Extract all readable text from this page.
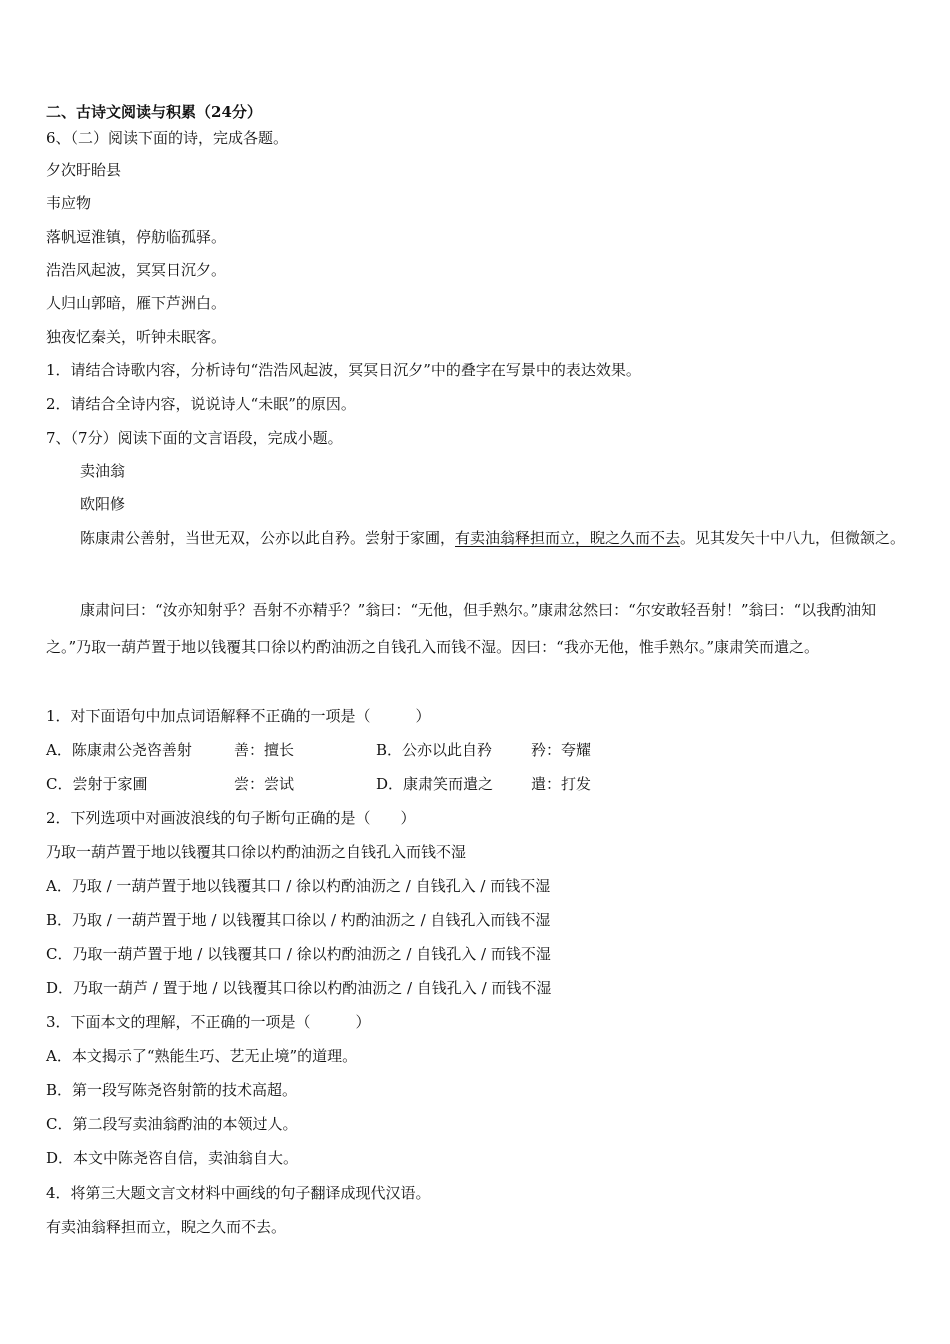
二、古诗文阅读与积累（24分）
6、（二）阅读下面的诗，完成各题。
夕次盱眙县
韦应物
落帆逗淮镇，停舫临孤驿。
浩浩风起波，冥冥日沉夕。
人归山郭暗，雁下芦洲白。
独夜忆秦关，听钟未眠客。
1．请结合诗歌内容，分析诗句“浩浩风起波，冥冥日沉夕”中的叠字在写景中的表达效果。
2．请结合全诗内容，说说诗人“未眠”的原因。
7、（7分）阅读下面的文言语段，完成小题。
卖油翁
欧阳修
陈康肃公善射，当世无双，公亦以此自矜。尝射于家圃，有卖油翁释担而立，睨之久而不去。见其发矢十中八九，但微颔之。
康肃问曰：“汝亦知射乎？吾射不亦精乎？”翁曰：“无他，但手熟尔。”康肃忿然曰：“尔安敢轻吾射！”翁曰：“以我酌油知之。”乃取一葫芦置于地以钱覆其口徐以杓酌油沥之自钱孔入而钱不湿。因曰：“我亦无他，惟手熟尔。”康肃笑而遣之。
1．对下面语句中加点词语解释不正确的一项是（　　　）
A．陈康肃公尧咨善射	善：擅长	B．公亦以此自矜	矜：夸耀
C．尝射于家圃	尝：尝试	D．康肃笑而遣之	遣：打发
2．下列选项中对画波浪线的句子断句正确的是（　　）
乃取一葫芦置于地以钱覆其口徐以杓酌油沥之自钱孔入而钱不湿
A．乃取 / 一葫芦置于地以钱覆其口 / 徐以杓酌油沥之 / 自钱孔入 / 而钱不湿
B．乃取 / 一葫芦置于地 / 以钱覆其口徐以 / 杓酌油沥之 / 自钱孔入而钱不湿
C．乃取一葫芦置于地 / 以钱覆其口 / 徐以杓酌油沥之 / 自钱孔入 / 而钱不湿
D．乃取一葫芦 / 置于地 / 以钱覆其口徐以杓酌油沥之 / 自钱孔入 / 而钱不湿
3．下面本文的理解，不正确的一项是（　　　）
A．本文揭示了“熟能生巧、艺无止境”的道理。
B．第一段写陈尧咨射箭的技术高超。
C．第二段写卖油翁酌油的本领过人。
D．本文中陈尧咨自信，卖油翁自大。
4．将第三大题文言文材料中画线的句子翻译成现代汉语。
有卖油翁释担而立，睨之久而不去。
